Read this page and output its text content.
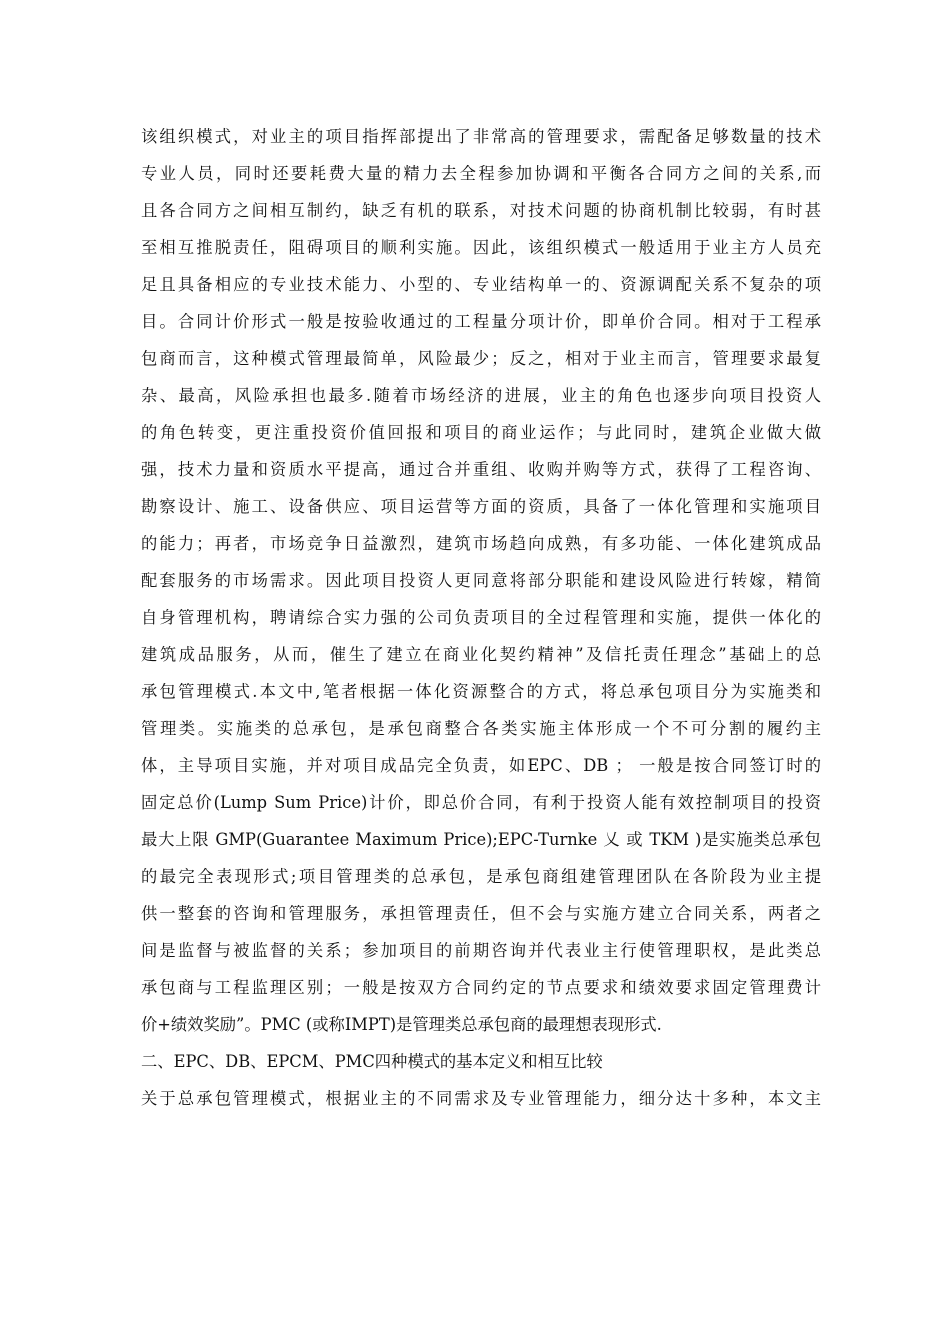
该组织模式，对业主的项目指挥部提出了非常高的管理要求，需配备足够数量的技术
专业人员，同时还要耗费大量的精力去全程参加协调和平衡各合同方之间的关系,而
且各合同方之间相互制约，缺乏有机的联系，对技术问题的协商机制比较弱，有时甚
至相互推脱责任，阻碍项目的顺利实施。因此，该组织模式一般适用于业主方人员充
足且具备相应的专业技术能力、小型的、专业结构单一的、资源调配关系不复杂的项
目。合同计价形式一般是按验收通过的工程量分项计价，即单价合同。相对于工程承
包商而言，这种模式管理最简单，风险最少；反之，相对于业主而言，管理要求最复
杂、最高，风险承担也最多.随着市场经济的进展，业主的角色也逐步向项目投资人
的角色转变，更注重投资价值回报和项目的商业运作；与此同时，建筑企业做大做
强，技术力量和资质水平提高，通过合并重组、收购并购等方式，获得了工程咨询、
勘察设计、施工、设备供应、项目运营等方面的资质，具备了一体化管理和实施项目
的能力；再者，市场竞争日益激烈，建筑市场趋向成熟，有多功能、一体化建筑成品
配套服务的市场需求。因此项目投资人更同意将部分职能和建设风险进行转嫁，精简
自身管理机构，聘请综合实力强的公司负责项目的全过程管理和实施，提供一体化的
建筑成品服务，从而，催生了建立在商业化契约精神”及信托责任理念”基础上的总
承包管理模式.本文中,笔者根据一体化资源整合的方式，将总承包项目分为实施类和
管理类。实施类的总承包，是承包商整合各类实施主体形成一个不可分割的履约主
体，主导项目实施，并对项目成品完全负责，如EPC、DB ； 一般是按合同签订时的
固定总价(Lump Sum Price)计价，即总价合同，有利于投资人能有效控制项目的投资
最大上限 GMP(Guarantee Maximum Price);EPC-Turnke 乂 或 TKM )是实施类总承包
的最完全表现形式;项目管理类的总承包，是承包商组建管理团队在各阶段为业主提
供一整套的咨询和管理服务，承担管理责任，但不会与实施方建立合同关系，两者之
间是监督与被监督的关系；参加项目的前期咨询并代表业主行使管理职权，是此类总
承包商与工程监理区别；一般是按双方合同约定的节点要求和绩效要求固定管理费计
价+绩效奖励”。PMC (或称IMPT)是管理类总承包商的最理想表现形式.
二、EPC、DB、EPCM、PMC四种模式的基本定义和相互比较
关于总承包管理模式，根据业主的不同需求及专业管理能力，细分达十多种，本文主
